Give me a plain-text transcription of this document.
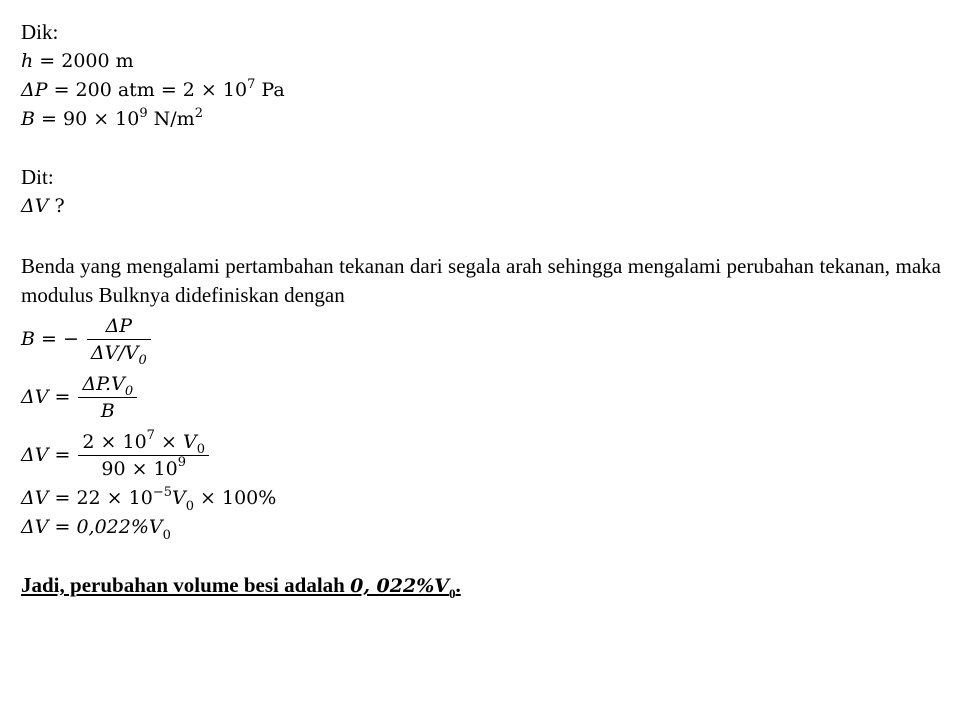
Dik:
h = 2000 m
ΔP = 200 atm = $2 \times 10^7$ Pa
$B = 90 \times 10^9$ $N/m^2$
Dit:
ΔV ?
Benda yang mengalami pertambahan tekanan dari segala arah sehingga mengalami perubahan tekanan, maka modulus Bulknya didefiniskan dengan
B = − $\frac{\Delta P}{\Delta V/V_0}$
$\Delta V = \frac{\Delta P.V_0}{B}$
$\Delta V = \frac{2 \times 10^7 \times V_0}{90 \times 10^9}$
$\Delta V = 22 \times 10^{-5}V_0 \times 100\%$
$\Delta V = 0,022\%V_0$
Jadi, perubahan volume besi adalah 0, $022\%V_0$.
